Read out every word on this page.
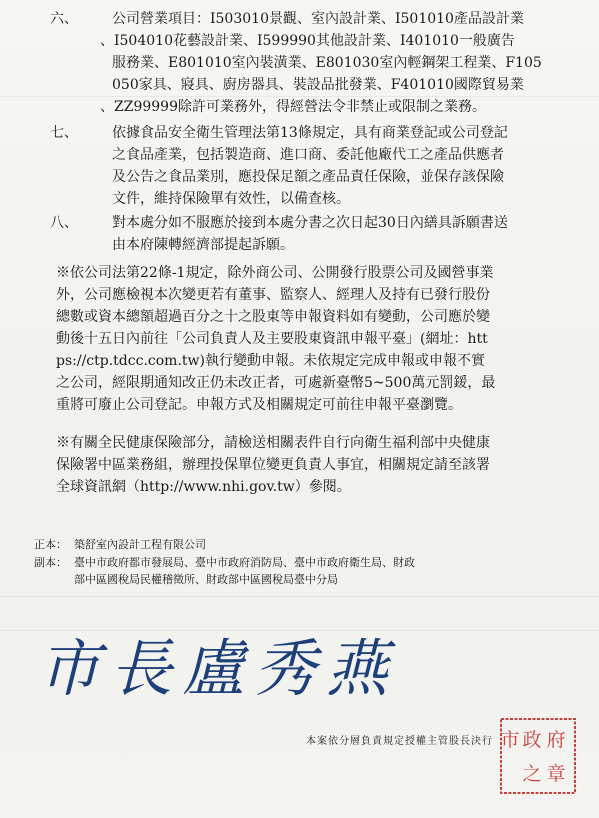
六、	公司營業項目：I503010景觀、室內設計業、I501010產品設計業
、I504010花藝設計業、I599990其他設計業、I401010一般廣告
服務業、E801010室內裝潢業、E801030室內輕鋼架工程業、F105
050家具、寢具、廚房器具、裝設品批發業、F401010國際貿易業
、ZZ99999除許可業務外，得經營法令非禁止或限制之業務。
七、	依據食品安全衛生管理法第13條規定，具有商業登記或公司登記
之食品產業，包括製造商、進口商、委託他廠代工之產品供應者
及公告之食品業別，應投保足額之產品責任保險，並保存該保險
文件，維持保險單有效性，以備查核。
八、	對本處分如不服應於接到本處分書之次日起30日內繕具訴願書送
由本府陳轉經濟部提起訴願。
※依公司法第22條-1規定，除外商公司、公開發行股票公司及國營事業
外，公司應檢視本次變更若有董事、監察人、經理人及持有已發行股份
總數或資本總額超過百分之十之股東等申報資料如有變動，公司應於變
動後十五日內前往「公司負責人及主要股東資訊申報平臺」(網址：htt
ps://ctp.tdcc.com.tw)執行變動申報。未依規定完成申報或申報不實
之公司，經限期通知改正仍未改正者，可處新臺幣5~500萬元罰鍰，最
重將可廢止公司登記。申報方式及相關規定可前往申報平臺瀏覽。
※有關全民健康保險部分，請檢送相關表件自行向衛生福利部中央健康
保險署中區業務組，辦理投保單位變更負責人事宜，相關規定請至該署
全球資訊網（http://www.nhi.gov.tw）參閱。
正本： 築舒室內設計工程有限公司
副本： 臺中市政府都市發展局、臺中市政府消防局、臺中市政府衛生局、財政
部中區國稅局民權稽徵所、財政部中區國稅局臺中分局
市長盧秀燕
本案依分層負責規定授權主管股長決行	府
政
市
章
之
